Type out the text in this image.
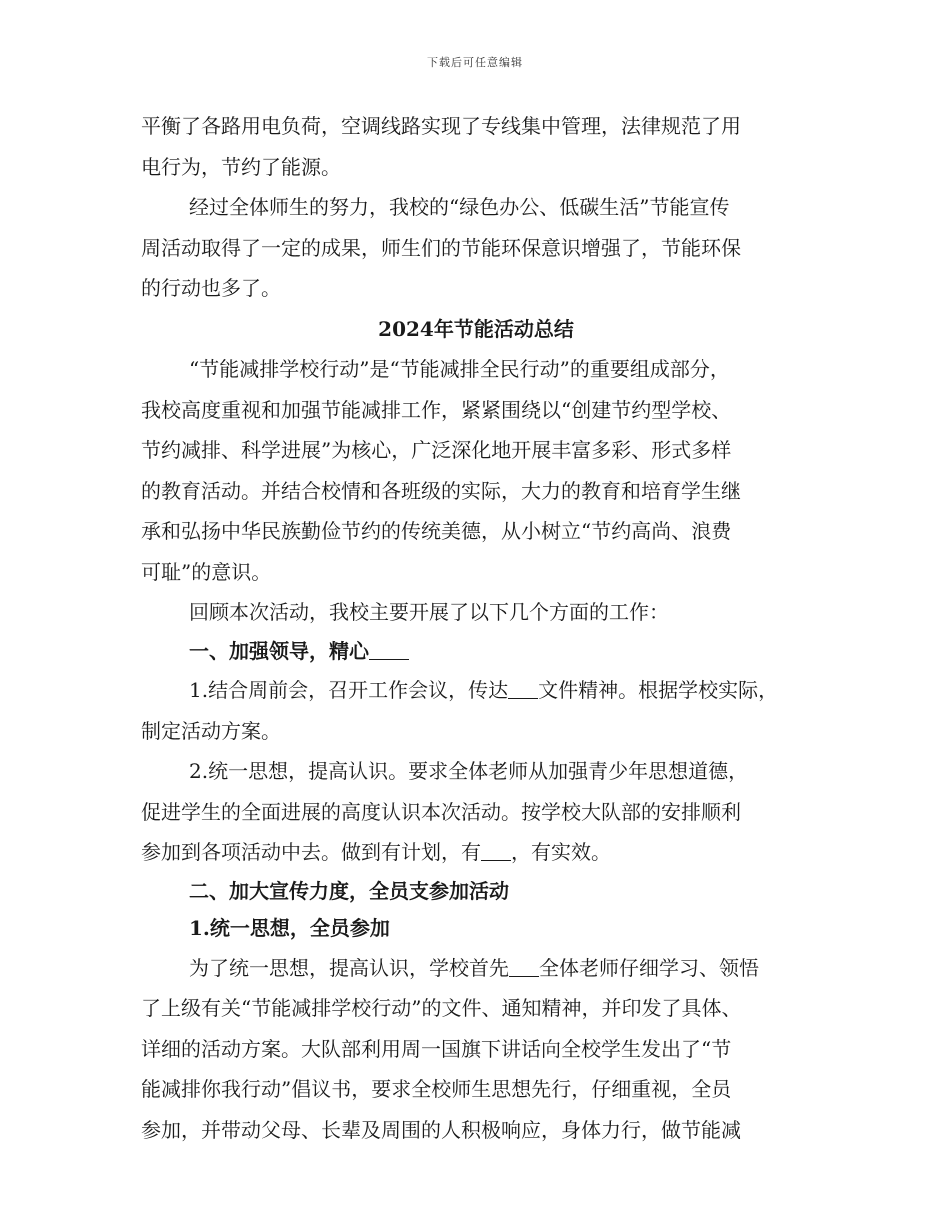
下载后可任意编辑
平衡了各路用电负荷，空调线路实现了专线集中管理，法律规范了用
电行为，节约了能源。
经过全体师生的努力，我校的“绿色办公、低碳生活”节能宣传
周活动取得了一定的成果，师生们的节能环保意识增强了，节能环保
的行动也多了。
2024年节能活动总结
“节能减排学校行动”是“节能减排全民行动”的重要组成部分，
我校高度重视和加强节能减排工作，紧紧围绕以“创建节约型学校、
节约减排、科学进展”为核心，广泛深化地开展丰富多彩、形式多样
的教育活动。并结合校情和各班级的实际，大力的教育和培育学生继
承和弘扬中华民族勤俭节约的传统美德，从小树立“节约高尚、浪费
可耻”的意识。
回顾本次活动，我校主要开展了以下几个方面的工作：
一、加强领导，精心
1.结合周前会，召开工作会议，传达 文件精神。根据学校实际，
制定活动方案。
2.统一思想，提高认识。要求全体老师从加强青少年思想道德，
促进学生的全面进展的高度认识本次活动。按学校大队部的安排顺利
参加到各项活动中去。做到有计划，有 ，有实效。
二、加大宣传力度，全员支参加活动
1.统一思想，全员参加
为了统一思想，提高认识，学校首先 全体老师仔细学习、领悟
了上级有关“节能减排学校行动”的文件、通知精神，并印发了具体、
详细的活动方案。大队部利用周一国旗下讲话向全校学生发出了“节
能减排你我行动”倡议书，要求全校师生思想先行，仔细重视，全员
参加，并带动父母、长辈及周围的人积极响应，身体力行，做节能减
